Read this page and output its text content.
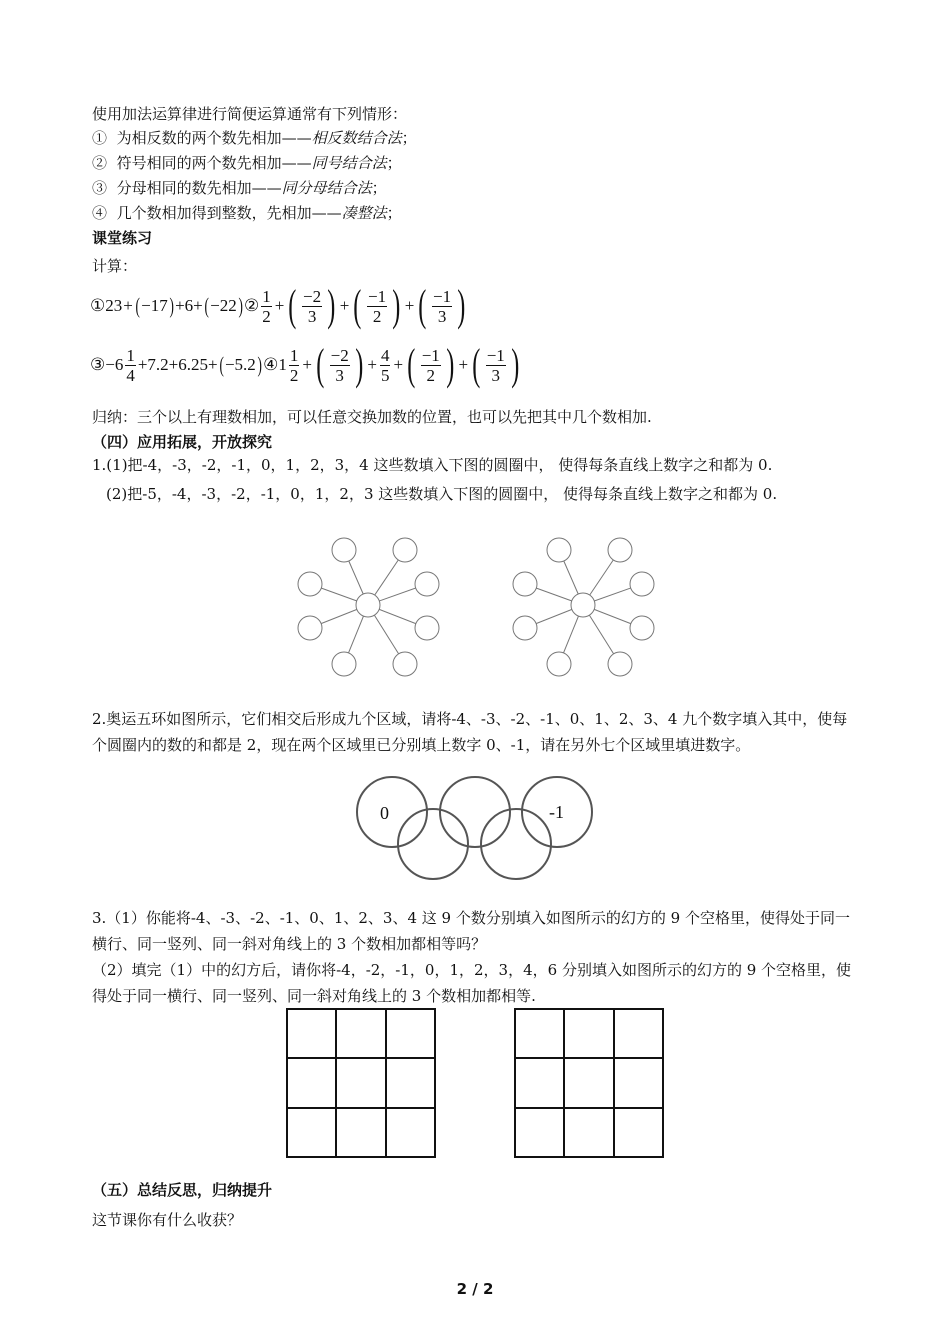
使用加法运算律进行简便运算通常有下列情形：
① 为相反数的两个数先相加——相反数结合法；
② 符号相同的两个数先相加——同号结合法；
③ 分母相同的数先相加——同分母结合法；
④ 几个数相加得到整数，先相加——凑整法；
课堂练习
计算：
① 23 + ( −17 ) +6+ ( −22 ) ② $\frac{1}{2}$ + ( $\frac{-2}{3}$ ) + ( $\frac{-1}{2}$ ) + ( $\frac{-1}{3}$ )
③ $-6 \frac{1}{4} +7.2+6.25+$ ( −5.2 ) ④ $1 \frac{1}{2}$ + ( $\frac{-2}{3}$ ) + $\frac{4}{5}$ + ( $\frac{-1}{2}$ ) + ( $\frac{-1}{3}$ )
归纳：三个以上有理数相加，可以任意交换加数的位置，也可以先把其中几个数相加.
（四）应用拓展，开放探究
1.(1)把-4，-3，-2，-1，0，1，2，3，4 这些数填入下图的圆圈中， 使得每条直线上数字之和都为 0.
(2)把-5，-4，-3，-2，-1，0，1，2，3 这些数填入下图的圆圈中， 使得每条直线上数字之和都为 0.
2.奥运五环如图所示，它们相交后形成九个区域，请将-4、-3、-2、-1、0、1、2、3、4 九个数字填入其中，使每个圆圈内的数的和都是 2，现在两个区域里已分别填上数字 0、-1，请在另外七个区域里填进数字。
0	-1
3.（1）你能将-4、-3、-2、-1、0、1、2、3、4 这 9 个数分别填入如图所示的幻方的 9 个空格里，使得处于同一横行、同一竖列、同一斜对角线上的 3 个数相加都相等吗？
（2）填完（1）中的幻方后，请你将-4，-2，-1，0，1，2，3，4，6 分别填入如图所示的幻方的 9 个空格里，使得处于同一横行、同一竖列、同一斜对角线上的 3 个数相加都相等.
（五）总结反思，归纳提升
这节课你有什么收获？
2 / 2
